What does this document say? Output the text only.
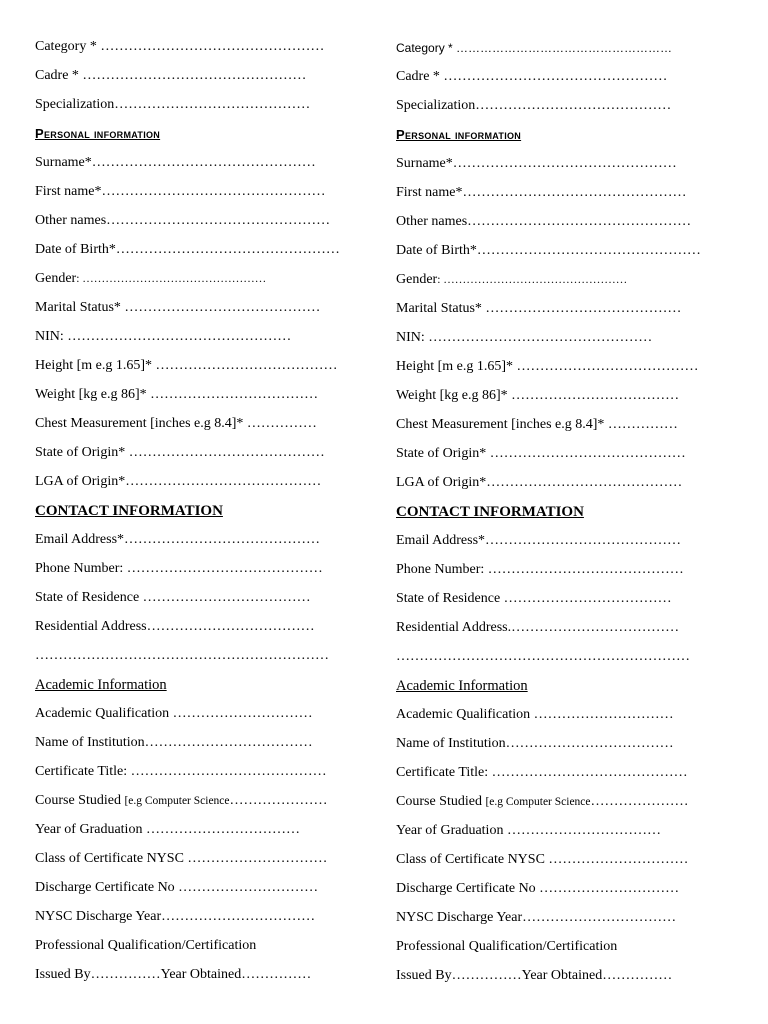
Category * …………………………………………
Cadre * …………………………………………
Specialization……………………………………
Personal information
Surname*…………………………………………
First name*…………………………………………
Other names…………………………………………
Date of Birth*…………………………………………
Gender: …………………………………………
Marital Status* ……………………………………
NIN: …………………………………………
Height [m e.g 1.65]* …………………………………
Weight [kg e.g 86]* ………………………………
Chest Measurement [inches e.g 8.4]* ……………
State of Origin* ……………………………………
LGA of Origin*……………………………………
CONTACT INFORMATION
Email Address*……………………………………
Phone Number: ……………………………………
State of Residence ………………………………
Residential Address………………………………
………………………………………………………
Academic Information
Academic Qualification …………………………
Name of Institution………………………………
Certificate Title: ……………………………………
Course Studied [e.g Computer Science…………………
Year of Graduation ……………………………
Class of Certificate NYSC …………………………
Discharge Certificate No …………………………
NYSC Discharge Year……………………………
Professional Qualification/Certification
Issued By……………Year Obtained……………
Category * ………………………………………………
Cadre * …………………………………………
Specialization……………………………………
Personal information
Surname*…………………………………………
First name*…………………………………………
Other names…………………………………………
Date of Birth*…………………………………………
Gender: …………………………………………
Marital Status* ……………………………………
NIN: …………………………………………
Height [m e.g 1.65]* …………………………………
Weight [kg e.g 86]* ………………………………
Chest Measurement [inches e.g 8.4]* ……………
State of Origin* ……………………………………
LGA of Origin*……………………………………
CONTACT INFORMATION
Email Address*……………………………………
Phone Number: ……………………………………
State of Residence ………………………………
Residential Address.………………………………
………………………………………………………
Academic Information
Academic Qualification …………………………
Name of Institution………………………………
Certificate Title: ……………………………………
Course Studied [e.g Computer Science…………………
Year of Graduation ……………………………
Class of Certificate NYSC …………………………
Discharge Certificate No …………………………
NYSC Discharge Year……………………………
Professional Qualification/Certification
Issued By……………Year Obtained……………
